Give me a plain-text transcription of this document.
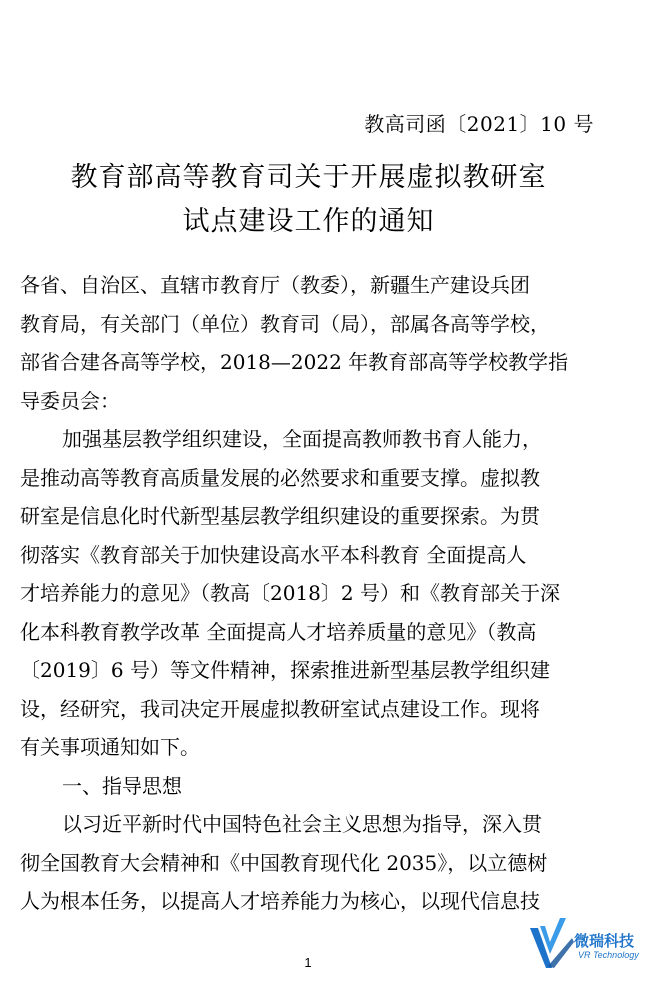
教高司函〔2021〕10 号
教育部高等教育司关于开展虚拟教研室
试点建设工作的通知
各省、自治区、直辖市教育厅（教委），新疆生产建设兵团
教育局，有关部门（单位）教育司（局），部属各高等学校，
部省合建各高等学校，2018—2022 年教育部高等学校教学指
导委员会：
加强基层教学组织建设，全面提高教师教书育人能力，
是推动高等教育高质量发展的必然要求和重要支撑。虚拟教
研室是信息化时代新型基层教学组织建设的重要探索。为贯
彻落实《教育部关于加快建设高水平本科教育 全面提高人
才培养能力的意见》（教高〔2018〕2 号）和《教育部关于深
化本科教育教学改革 全面提高人才培养质量的意见》（教高
〔2019〕6 号）等文件精神，探索推进新型基层教学组织建
设，经研究，我司决定开展虚拟教研室试点建设工作。现将
有关事项通知如下。
一、指导思想
以习近平新时代中国特色社会主义思想为指导，深入贯
彻全国教育大会精神和《中国教育现代化 2035》，以立德树
人为根本任务，以提高人才培养能力为核心，以现代信息技
1
微瑞科技
VR Technology
